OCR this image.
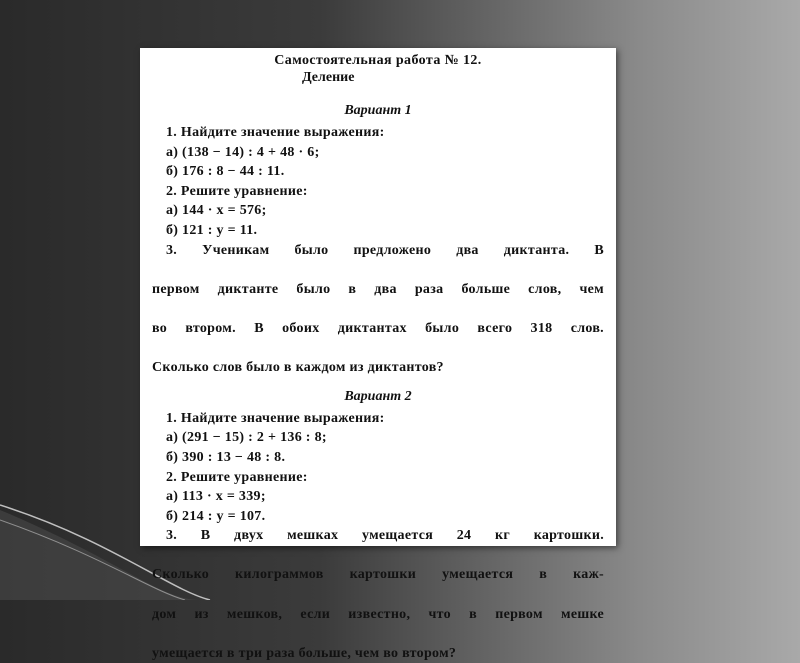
Самостоятельная работа № 12.
Деление
Вариант 1
1. Найдите значение выражения:
а) (138 − 14) : 4 + 48 · 6;
б) 176 : 8 − 44 : 11.
2. Решите уравнение:
а) 144 · x = 576;
б) 121 : y = 11.
3. Ученикам было предложено два диктанта. В
первом диктанте было в два раза больше слов, чем
во втором. В обоих диктантах было всего 318 слов.
Сколько слов было в каждом из диктантов?
Вариант 2
1. Найдите значение выражения:
а) (291 − 15) : 2 + 136 : 8;
б) 390 : 13 − 48 : 8.
2. Решите уравнение:
а) 113 · x = 339;
б) 214 : y = 107.
3. В двух мешках умещается 24 кг картошки.
Сколько килограммов картошки умещается в каж-
дом из мешков, если известно, что в первом мешке
умещается в три раза больше, чем во втором?
